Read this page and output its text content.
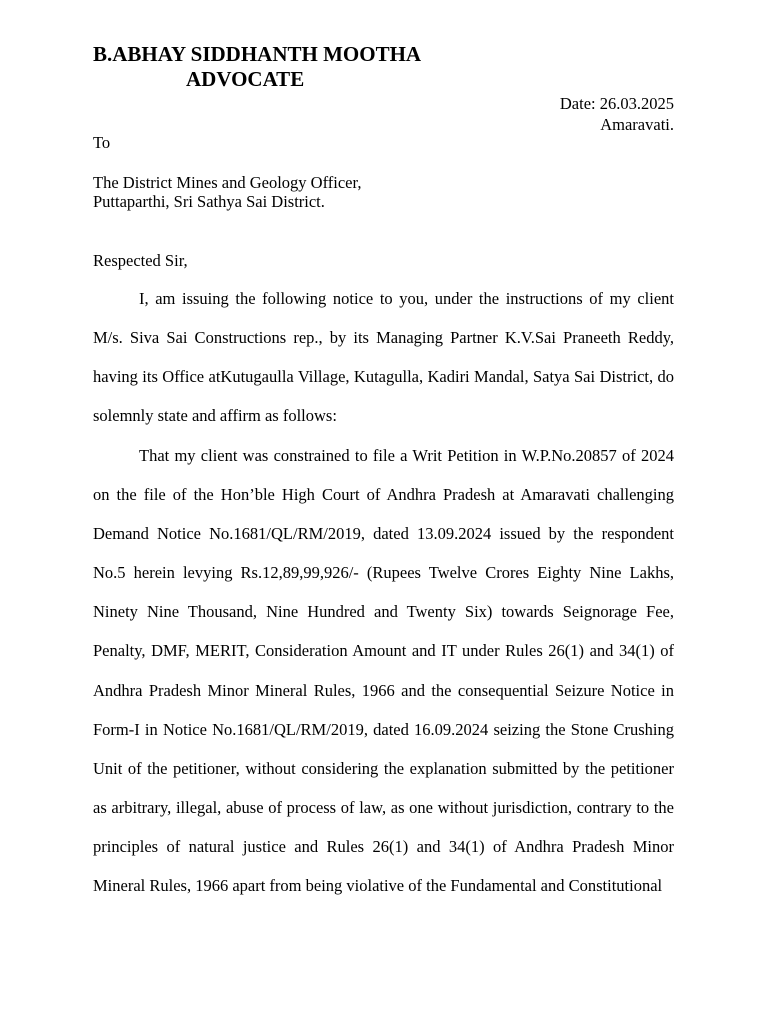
B.ABHAY SIDDHANTH MOOTHA
ADVOCATE
Date: 26.03.2025
Amaravati.
To
The District Mines and Geology Officer,
Puttaparthi, Sri Sathya Sai District.
Respected Sir,

I, am issuing the following notice to you, under the instructions of my client M/s. Siva Sai Constructions rep., by its Managing Partner K.V.Sai Praneeth Reddy, having its Office atKutugaulla Village, Kutagulla, Kadiri Mandal, Satya Sai District, do solemnly state and affirm as follows:

That my client was constrained to file a Writ Petition in W.P.No.20857 of 2024 on the file of the Hon’ble High Court of Andhra Pradesh at Amaravati challenging Demand Notice No.1681/QL/RM/2019, dated 13.09.2024 issued by the respondent No.5 herein levying Rs.12,89,99,926/- (Rupees Twelve Crores Eighty Nine Lakhs, Ninety Nine Thousand, Nine Hundred and Twenty Six) towards Seignorage Fee, Penalty, DMF, MERIT, Consideration Amount and IT under Rules 26(1) and 34(1) of Andhra Pradesh Minor Mineral Rules, 1966 and the consequential Seizure Notice in Form-I in Notice No.1681/QL/RM/2019, dated 16.09.2024 seizing the Stone Crushing Unit of the petitioner, without considering the explanation submitted by the petitioner as arbitrary, illegal, abuse of process of law, as one without jurisdiction, contrary to the principles of natural justice and Rules 26(1) and 34(1) of Andhra Pradesh Minor Mineral Rules, 1966 apart from being violative of the Fundamental and Constitutional
